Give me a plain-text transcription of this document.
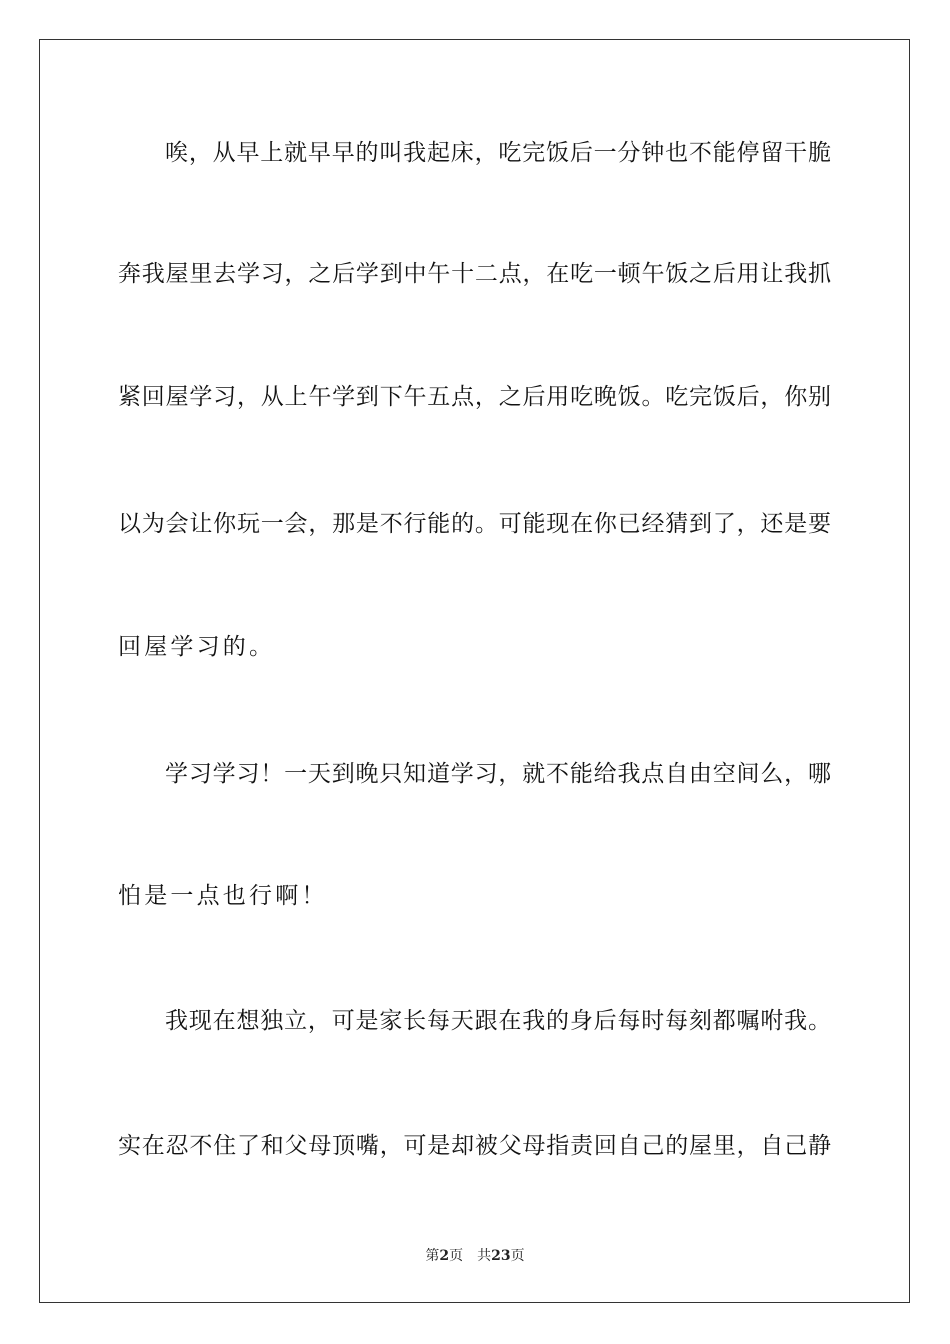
唉，从早上就早早的叫我起床，吃完饭后一分钟也不能停留干脆
奔我屋里去学习，之后学到中午十二点，在吃一顿午饭之后用让我抓
紧回屋学习，从上午学到下午五点，之后用吃晚饭。吃完饭后，你别
以为会让你玩一会，那是不行能的。可能现在你已经猜到了，还是要
回屋学习的。
学习学习！一天到晚只知道学习，就不能给我点自由空间么，哪
怕是一点也行啊！
我现在想独立，可是家长每天跟在我的身后每时每刻都嘱咐我。
实在忍不住了和父母顶嘴，可是却被父母指责回自己的屋里，自己静
第2页 共23页
